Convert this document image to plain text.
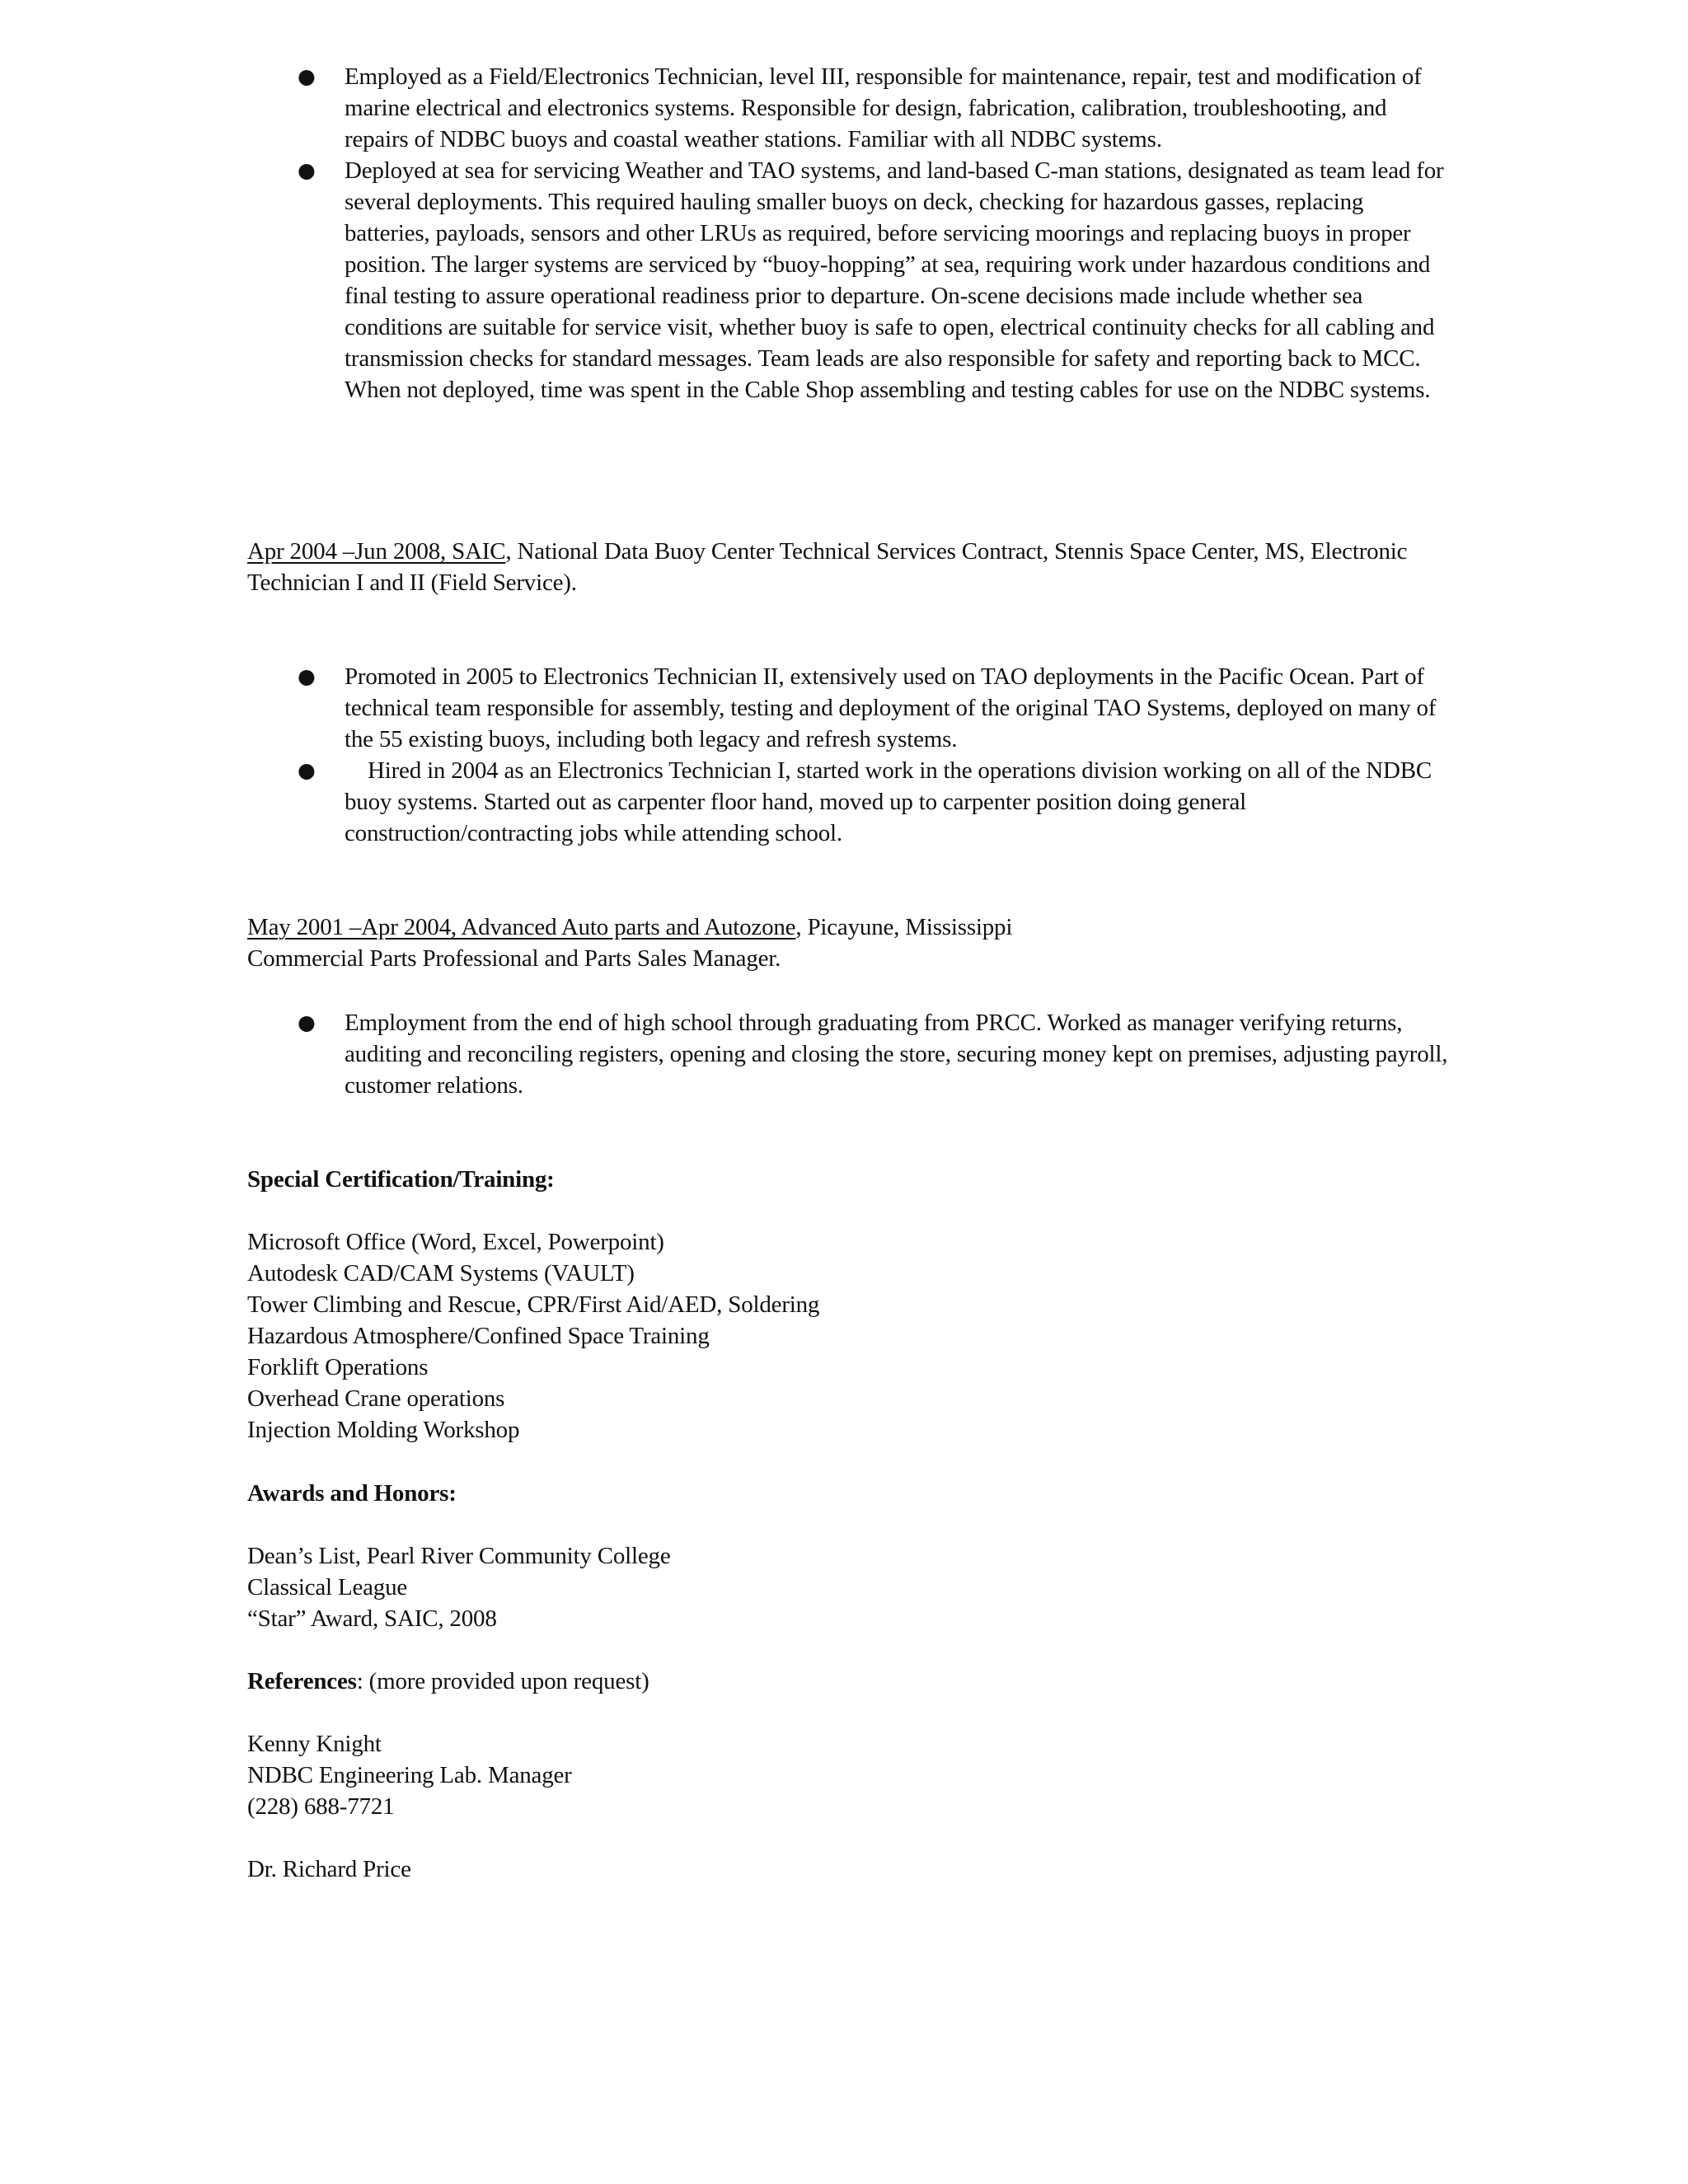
● Employed as a Field/Electronics Technician, level III, responsible for maintenance, repair, test and modification of marine electrical and electronics systems. Responsible for design, fabrication, calibration, troubleshooting, and repairs of NDBC buoys and coastal weather stations. Familiar with all NDBC systems.
● Deployed at sea for servicing Weather and TAO systems, and land-based C-man stations, designated as team lead for several deployments. This required hauling smaller buoys on deck, checking for hazardous gasses, replacing batteries, payloads, sensors and other LRUs as required, before servicing moorings and replacing buoys in proper position. The larger systems are serviced by “buoy-hopping” at sea, requiring work under hazardous conditions and final testing to assure operational readiness prior to departure. On-scene decisions made include whether sea conditions are suitable for service visit, whether buoy is safe to open, electrical continuity checks for all cabling and transmission checks for standard messages. Team leads are also responsible for safety and reporting back to MCC. When not deployed, time was spent in the Cable Shop assembling and testing cables for use on the NDBC systems.
Apr 2004 –Jun 2008, SAIC, National Data Buoy Center Technical Services Contract, Stennis Space Center, MS, Electronic Technician I and II (Field Service).
● Promoted in 2005 to Electronics Technician II, extensively used on TAO deployments in the Pacific Ocean. Part of technical team responsible for assembly, testing and deployment of the original TAO Systems, deployed on many of the 55 existing buoys, including both legacy and refresh systems.
● Hired in 2004 as an Electronics Technician I, started work in the operations division working on all of the NDBC buoy systems. Started out as carpenter floor hand, moved up to carpenter position doing general construction/contracting jobs while attending school.
May 2001 –Apr 2004, Advanced Auto parts and Autozone, Picayune, Mississippi
Commercial Parts Professional and Parts Sales Manager.
● Employment from the end of high school through graduating from PRCC. Worked as manager verifying returns, auditing and reconciling registers, opening and closing the store, securing money kept on premises, adjusting payroll, customer relations.
Special Certification/Training:
Microsoft Office (Word, Excel, Powerpoint)
Autodesk CAD/CAM Systems (VAULT)
Tower Climbing and Rescue, CPR/First Aid/AED, Soldering
Hazardous Atmosphere/Confined Space Training
Forklift Operations
Overhead Crane operations
Injection Molding Workshop
Awards and Honors:
Dean’s List, Pearl River Community College
Classical League
“Star” Award, SAIC, 2008
References: (more provided upon request)
Kenny Knight
NDBC Engineering Lab. Manager
(228) 688-7721
Dr. Richard Price
